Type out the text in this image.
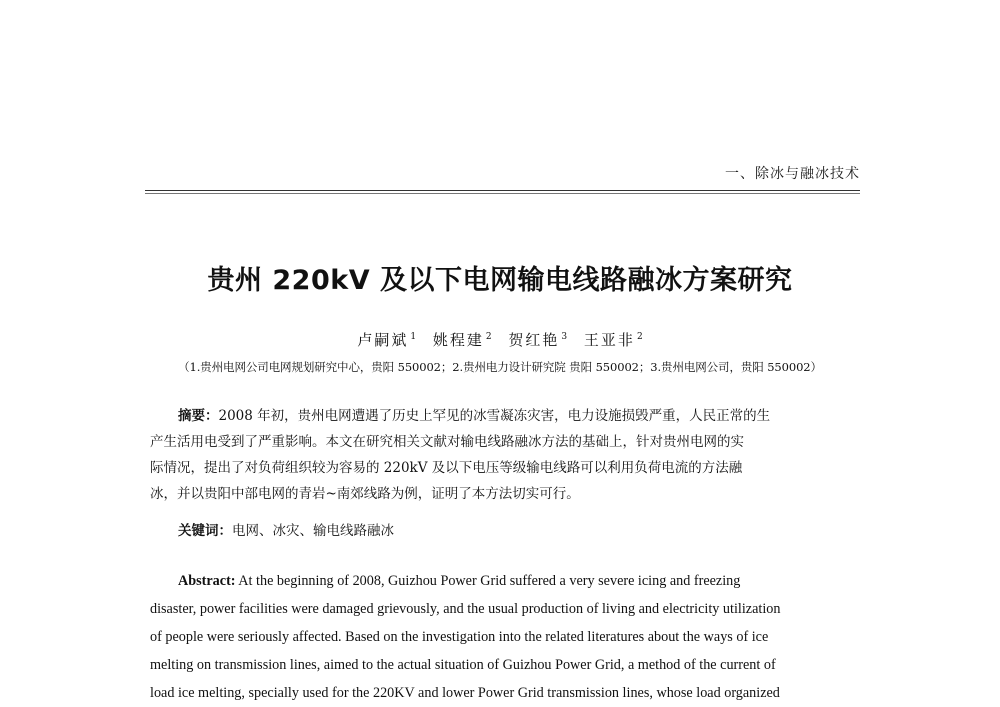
一、除冰与融冰技术
贵州 220kV 及以下电网输电线路融冰方案研究
卢嗣斌 $^1$ 姚程建 $^2$ 贺红艳 $^3$ 王亚非 $^2$
（1.贵州电网公司电网规划研究中心，贵阳 550002；2.贵州电力设计研究院 贵阳 550002；3.贵州电网公司，贵阳 550002）
摘要：2008 年初，贵州电网遭遇了历史上罕见的冰雪凝冻灾害，电力设施损毁严重，人民正常的生
产生活用电受到了严重影响。本文在研究相关文献对输电线路融冰方法的基础上，针对贵州电网的实
际情况，提出了对负荷组织较为容易的 220kV 及以下电压等级输电线路可以利用负荷电流的方法融
冰，并以贵阳中部电网的青岩~南郊线路为例，证明了本方法切实可行。
关键词：电网、冰灾、输电线路融冰
Abstract: At the beginning of 2008, Guizhou Power Grid suffered a very severe icing and freezing
disaster, power facilities were damaged grievously, and the usual production of living and electricity utilization
of people were seriously affected. Based on the investigation into the related literatures about the ways of ice
melting on transmission lines, aimed to the actual situation of Guizhou Power Grid, a method of the current of
load ice melting, specially used for the 220KV and lower Power Grid transmission lines, whose load organized
